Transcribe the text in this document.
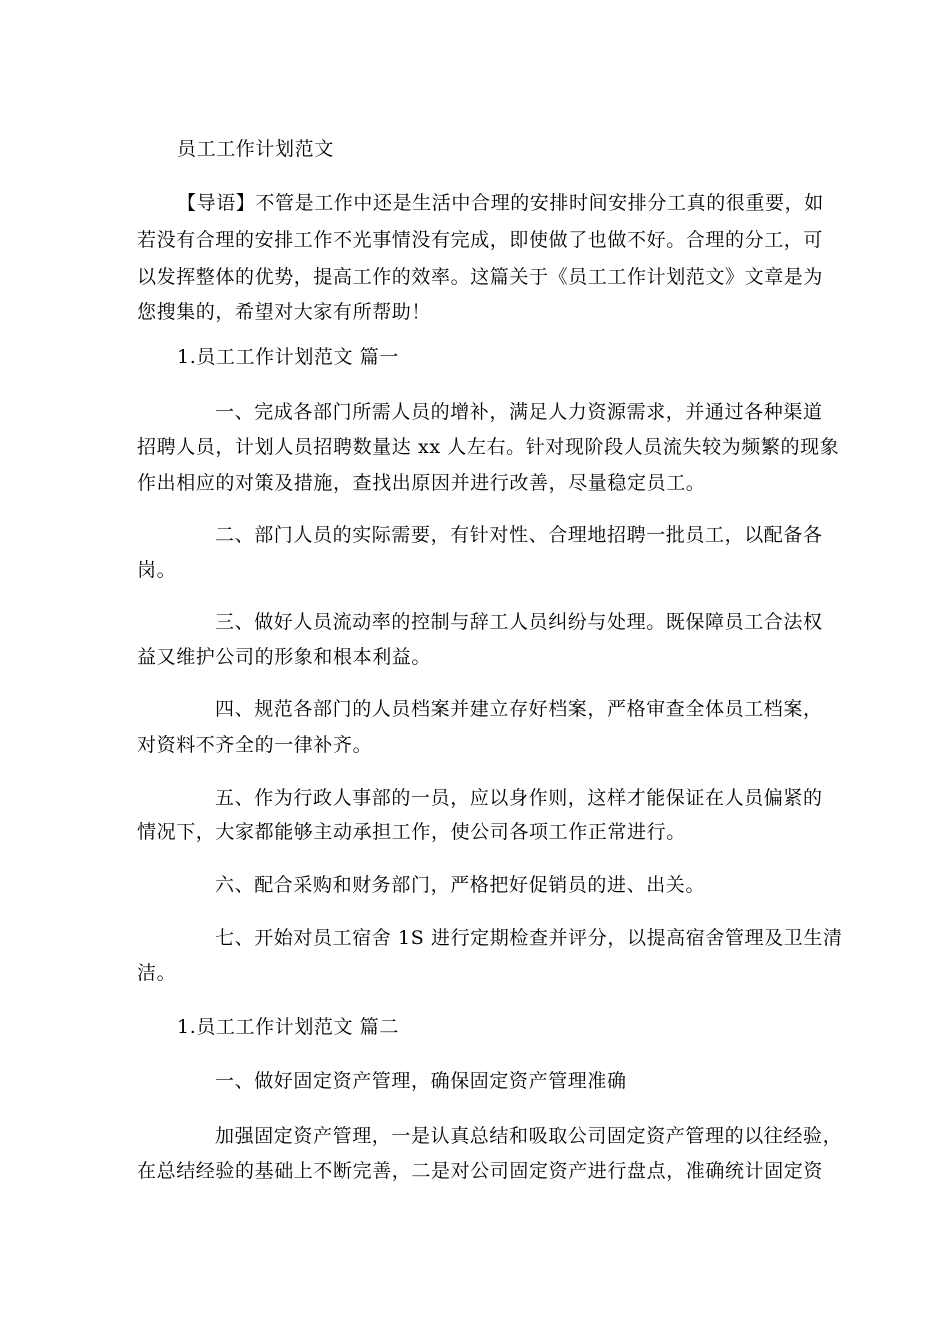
员工工作计划范文
【导语】不管是工作中还是生活中合理的安排时间安排分工真的很重要，如
若没有合理的安排工作不光事情没有完成，即使做了也做不好。合理的分工，可
以发挥整体的优势，提高工作的效率。这篇关于《员工工作计划范文》文章是为
您搜集的，希望对大家有所帮助！
1.员工工作计划范文 篇一
一、完成各部门所需人员的增补，满足人力资源需求，并通过各种渠道
招聘人员，计划人员招聘数量达 xx 人左右。针对现阶段人员流失较为频繁的现象
作出相应的对策及措施，查找出原因并进行改善，尽量稳定员工。
二、部门人员的实际需要，有针对性、合理地招聘一批员工，以配备各
岗。
三、做好人员流动率的控制与辞工人员纠纷与处理。既保障员工合法权
益又维护公司的形象和根本利益。
四、规范各部门的人员档案并建立存好档案，严格审查全体员工档案，
对资料不齐全的一律补齐。
五、作为行政人事部的一员，应以身作则，这样才能保证在人员偏紧的
情况下，大家都能够主动承担工作，使公司各项工作正常进行。
六、配合采购和财务部门，严格把好促销员的进、出关。
七、开始对员工宿舍 1S 进行定期检查并评分，以提高宿舍管理及卫生清
洁。
1.员工工作计划范文 篇二
一、做好固定资产管理，确保固定资产管理准确
加强固定资产管理，一是认真总结和吸取公司固定资产管理的以往经验，
在总结经验的基础上不断完善，二是对公司固定资产进行盘点，准确统计固定资
